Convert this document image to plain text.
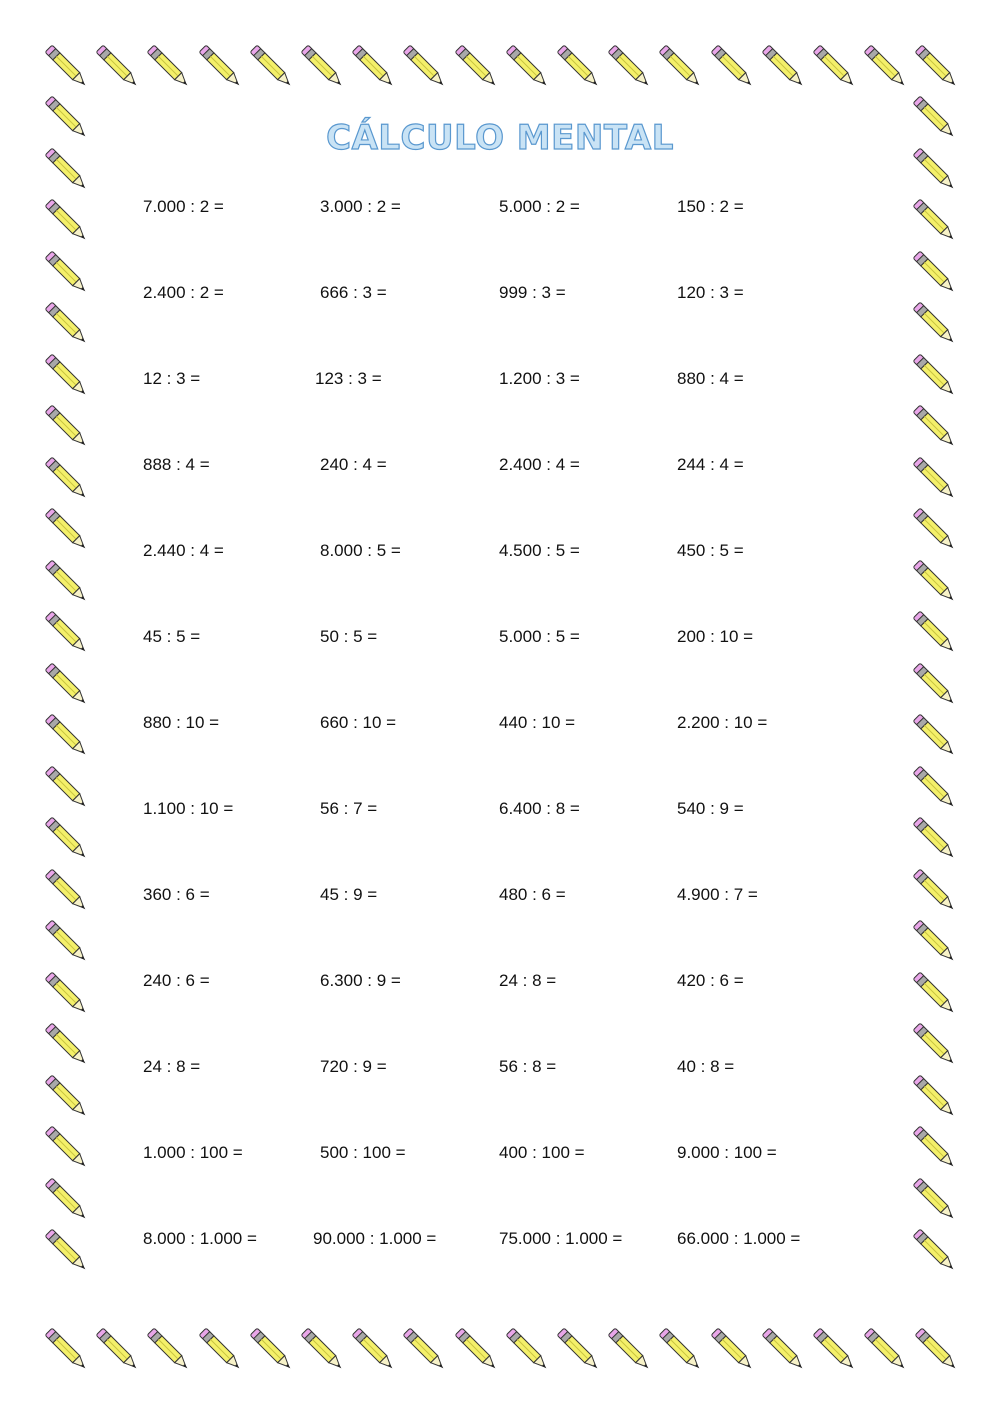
CÁLCULO MENTAL
7.000 : 2 =	3.000 : 2 =	5.000 : 2 =	150 : 2 =
2.400 : 2 =	666 : 3 =	999 : 3 =	120 : 3 =
12 : 3 =	123 : 3 =	1.200 : 3 =	880 : 4 =
888 : 4 =	240 : 4 =	2.400 : 4 =	244 : 4 =
2.440 : 4 =	8.000 : 5 =	4.500 : 5 =	450 : 5 =
45 : 5 =	50 : 5 =	5.000 : 5 =	200 : 10 =
880 : 10 =	660 : 10 =	440 : 10 =	2.200 : 10 =
1.100 : 10 =	56 : 7 =	6.400 : 8 =	540 : 9 =
360 : 6 =	45 : 9 =	480 : 6 =	4.900 : 7 =
240 : 6 =	6.300 : 9 =	24 : 8 =	420 : 6 =
24 : 8 =	720 : 9 =	56 : 8 =	40 : 8 =
1.000 : 100 =	500 : 100 =	400 : 100 =	9.000 : 100 =
8.000 : 1.000 =	90.000 : 1.000 =	75.000 : 1.000 =	66.000 : 1.000 =
